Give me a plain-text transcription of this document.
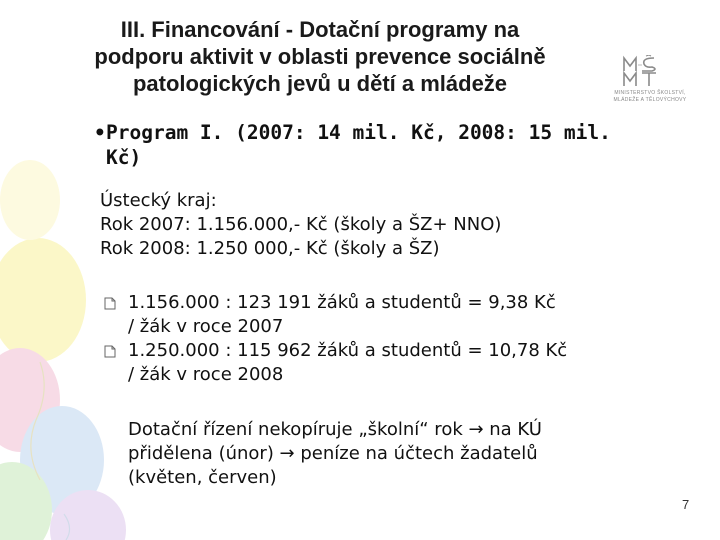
III. Financování - Dotační programy na
podporu aktivit v oblasti prevence sociálně
patologických jevů u dětí a mládeže	MINISTERSTVO ŠKOLSTVÍ,
MLÁDEŽE A TĚLOVÝCHOVY
• Program I. (2007: 14 mil. Kč, 2008: 15 mil.
Kč)
Ústecký kraj:
Rok 2007: 1.156.000,- Kč (školy a ŠZ+ NNO)
Rok 2008: 1.250 000,- Kč (školy a ŠZ)
1.156.000 : 123 191 žáků a studentů = 9,38 Kč
/ žák v roce 2007
1.250.000 : 115 962 žáků a studentů = 10,78 Kč
/ žák v roce 2008
Dotační řízení nekopíruje „školní“ rok → na KÚ
přidělena (únor) → peníze na účtech žadatelů
(květen, červen)
7
